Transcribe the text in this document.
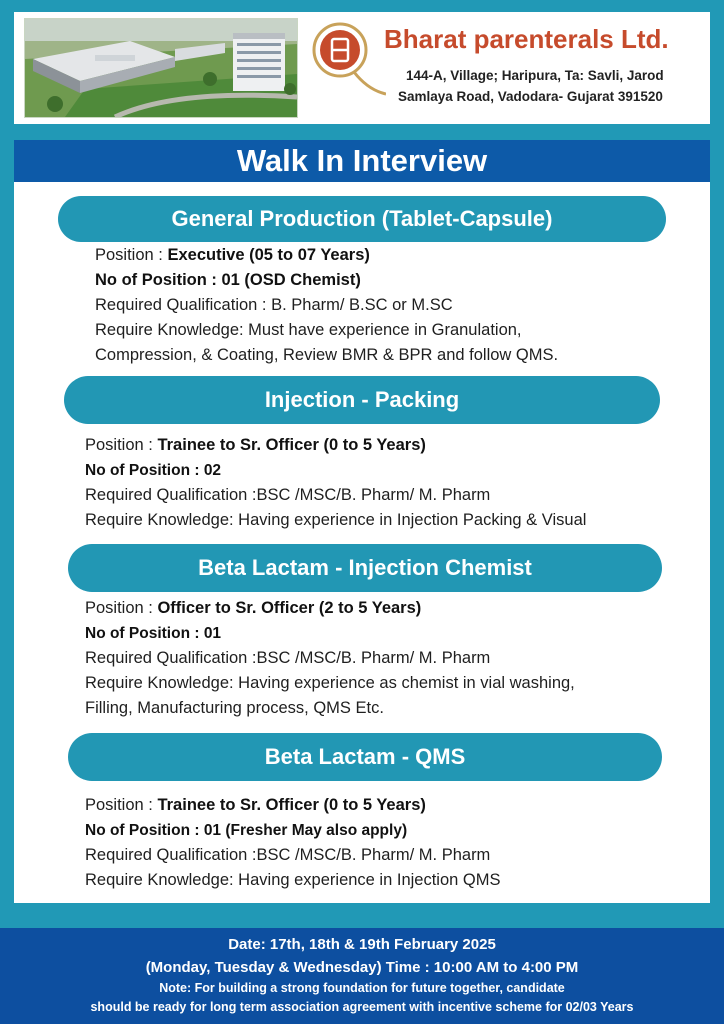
Bharat parenterals Ltd.
144-A, Village; Haripura, Ta: Savli, Jarod
Samlaya Road, Vadodara- Gujarat 391520
Walk In Interview
General Production (Tablet-Capsule)
Position : Executive (05 to 07 Years)
No of Position : 01 (OSD Chemist)
Required Qualification : B. Pharm/ B.SC or M.SC
Require Knowledge: Must have experience in Granulation,
Compression, & Coating, Review BMR & BPR and follow QMS.
Injection - Packing
Position : Trainee to Sr. Officer (0 to 5 Years)
No of Position : 02
Required Qualification :BSC /MSC/B. Pharm/ M. Pharm
Require Knowledge: Having experience in Injection Packing & Visual
Beta Lactam - Injection Chemist
Position : Officer to Sr. Officer (2 to 5 Years)
No of Position : 01
Required Qualification :BSC /MSC/B. Pharm/ M. Pharm
Require Knowledge: Having experience as chemist in vial washing,
Filling, Manufacturing process, QMS Etc.
Beta Lactam - QMS
Position : Trainee to Sr. Officer (0 to 5 Years)
No of Position : 01 (Fresher May also apply)
Required Qualification :BSC /MSC/B. Pharm/ M. Pharm
Require Knowledge: Having experience in Injection QMS
Date: 17th, 18th & 19th February 2025
(Monday, Tuesday & Wednesday) Time : 10:00 AM to 4:00 PM
Note: For building a strong foundation for future together, candidate
should be ready for long term association agreement with incentive scheme for 02/03 Years
